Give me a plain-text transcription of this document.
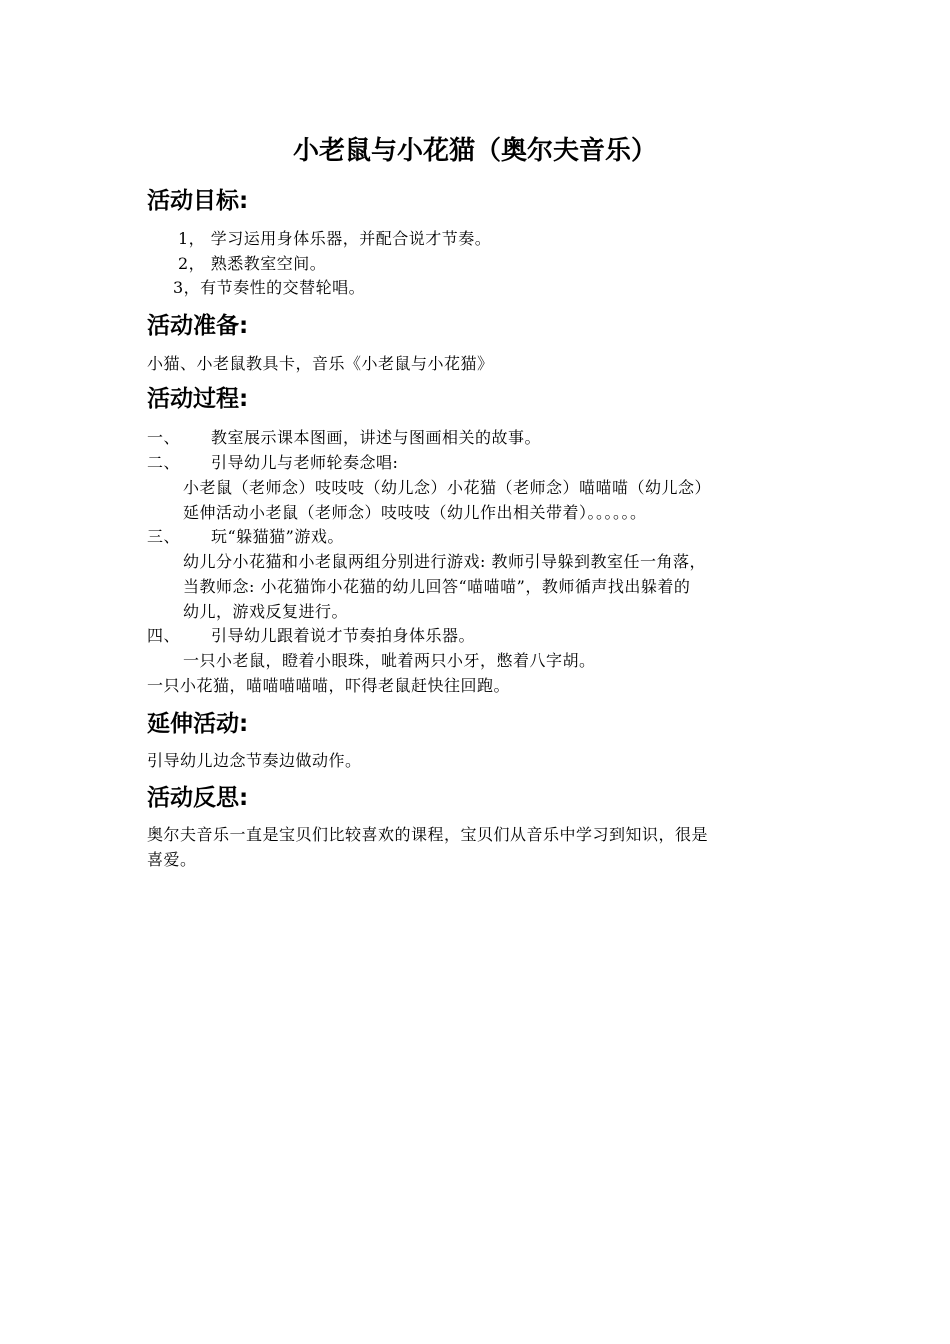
小老鼠与小花猫（奥尔夫音乐）
活动目标:
1， 学习运用身体乐器，并配合说才节奏。
2， 熟悉教室空间。
3，有节奏性的交替轮唱。
活动准备:
小猫、小老鼠教具卡，音乐《小老鼠与小花猫》
活动过程:
一、 教室展示课本图画，讲述与图画相关的故事。
二、 引导幼儿与老师轮奏念唱:
小老鼠（老师念）吱吱吱（幼儿念）小花猫（老师念）喵喵喵（幼儿念）
延伸活动小老鼠（老师念）吱吱吱（幼儿作出相关带着）。。。。。。
三、 玩“躲猫猫”游戏。
幼儿分小花猫和小老鼠两组分别进行游戏: 教师引导躲到教室任一角落，
当教师念: 小花猫饰小花猫的幼儿回答“喵喵喵”，教师循声找出躲着的
幼儿，游戏反复进行。
四、 引导幼儿跟着说才节奏拍身体乐器。
一只小老鼠，瞪着小眼珠，呲着两只小牙，憋着八字胡。
一只小花猫，喵喵喵喵喵，吓得老鼠赶快往回跑。
延伸活动:
引导幼儿边念节奏边做动作。
活动反思:
奥尔夫音乐一直是宝贝们比较喜欢的课程，宝贝们从音乐中学习到知识，很是
喜爱。
